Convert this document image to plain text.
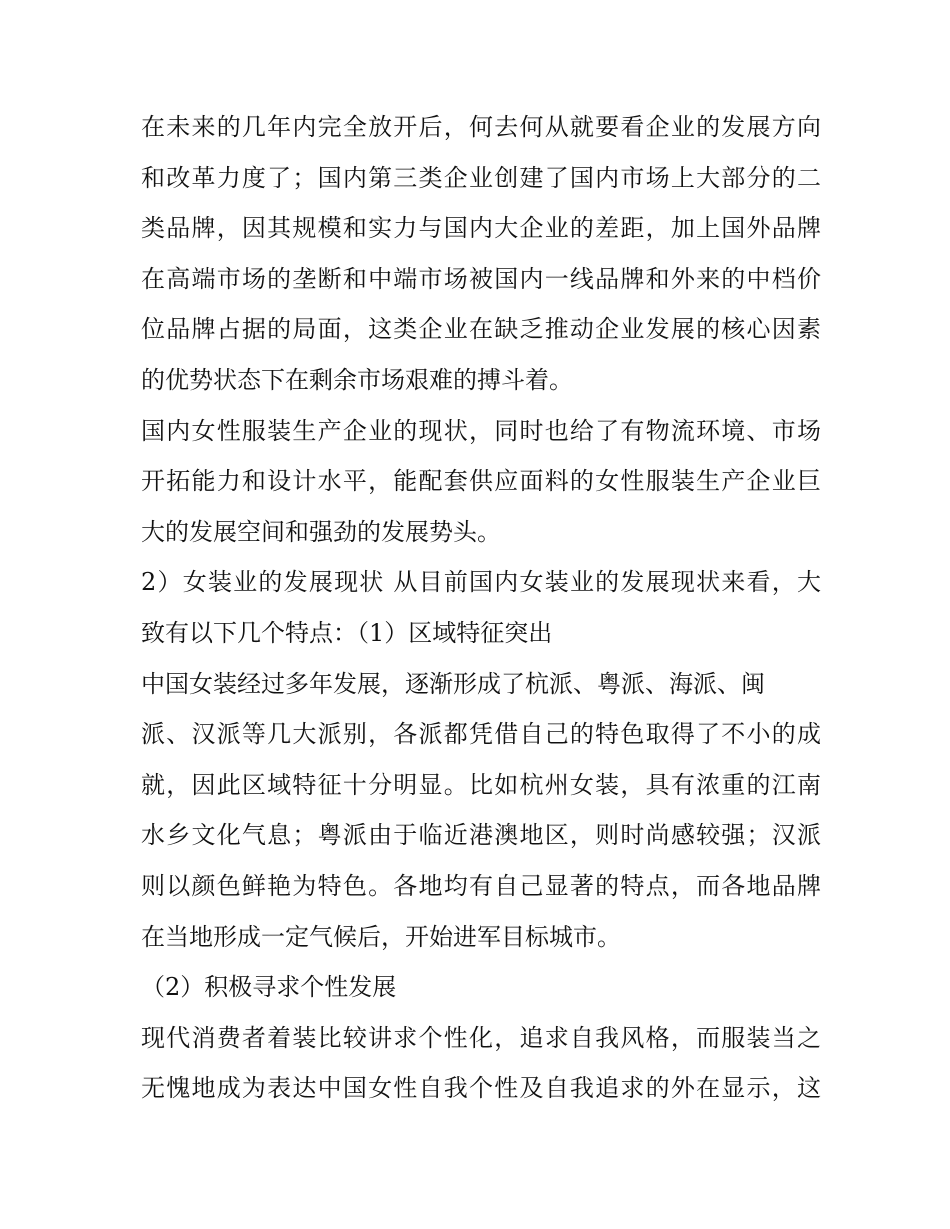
在未来的几年内完全放开后，何去何从就要看企业的发展方向
和改革力度了；国内第三类企业创建了国内市场上大部分的二
类品牌，因其规模和实力与国内大企业的差距，加上国外品牌
在高端市场的垄断和中端市场被国内一线品牌和外来的中档价
位品牌占据的局面，这类企业在缺乏推动企业发展的核心因素
的优势状态下在剩余市场艰难的搏斗着。
国内女性服装生产企业的现状，同时也给了有物流环境、市场
开拓能力和设计水平，能配套供应面料的女性服装生产企业巨
大的发展空间和强劲的发展势头。
2）女装业的发展现状 从目前国内女装业的发展现状来看，大
致有以下几个特点：（1）区域特征突出
中国女装经过多年发展，逐渐形成了杭派、粤派、海派、闽
派、汉派等几大派别，各派都凭借自己的特色取得了不小的成
就，因此区域特征十分明显。比如杭州女装，具有浓重的江南
水乡文化气息；粤派由于临近港澳地区，则时尚感较强；汉派
则以颜色鲜艳为特色。各地均有自己显著的特点，而各地品牌
在当地形成一定气候后，开始进军目标城市。
（2）积极寻求个性发展
现代消费者着装比较讲求个性化，追求自我风格，而服装当之
无愧地成为表达中国女性自我个性及自我追求的外在显示，这
